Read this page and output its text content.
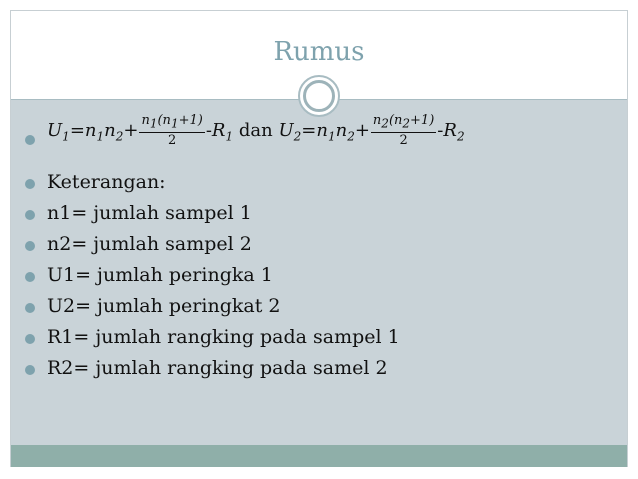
Rumus
$U_1=n_1n_2+ \frac{n_1(n_1+1)}{2} -R_1$ dan $U_2=n_1n_2+ \frac{n_2(n_2+1)}{2} -R_2$
Keterangan:
n1= jumlah sampel 1
n2= jumlah sampel 2
U1= jumlah peringka 1
U2= jumlah peringkat 2
R1= jumlah rangking pada sampel 1
R2= jumlah rangking pada samel 2
